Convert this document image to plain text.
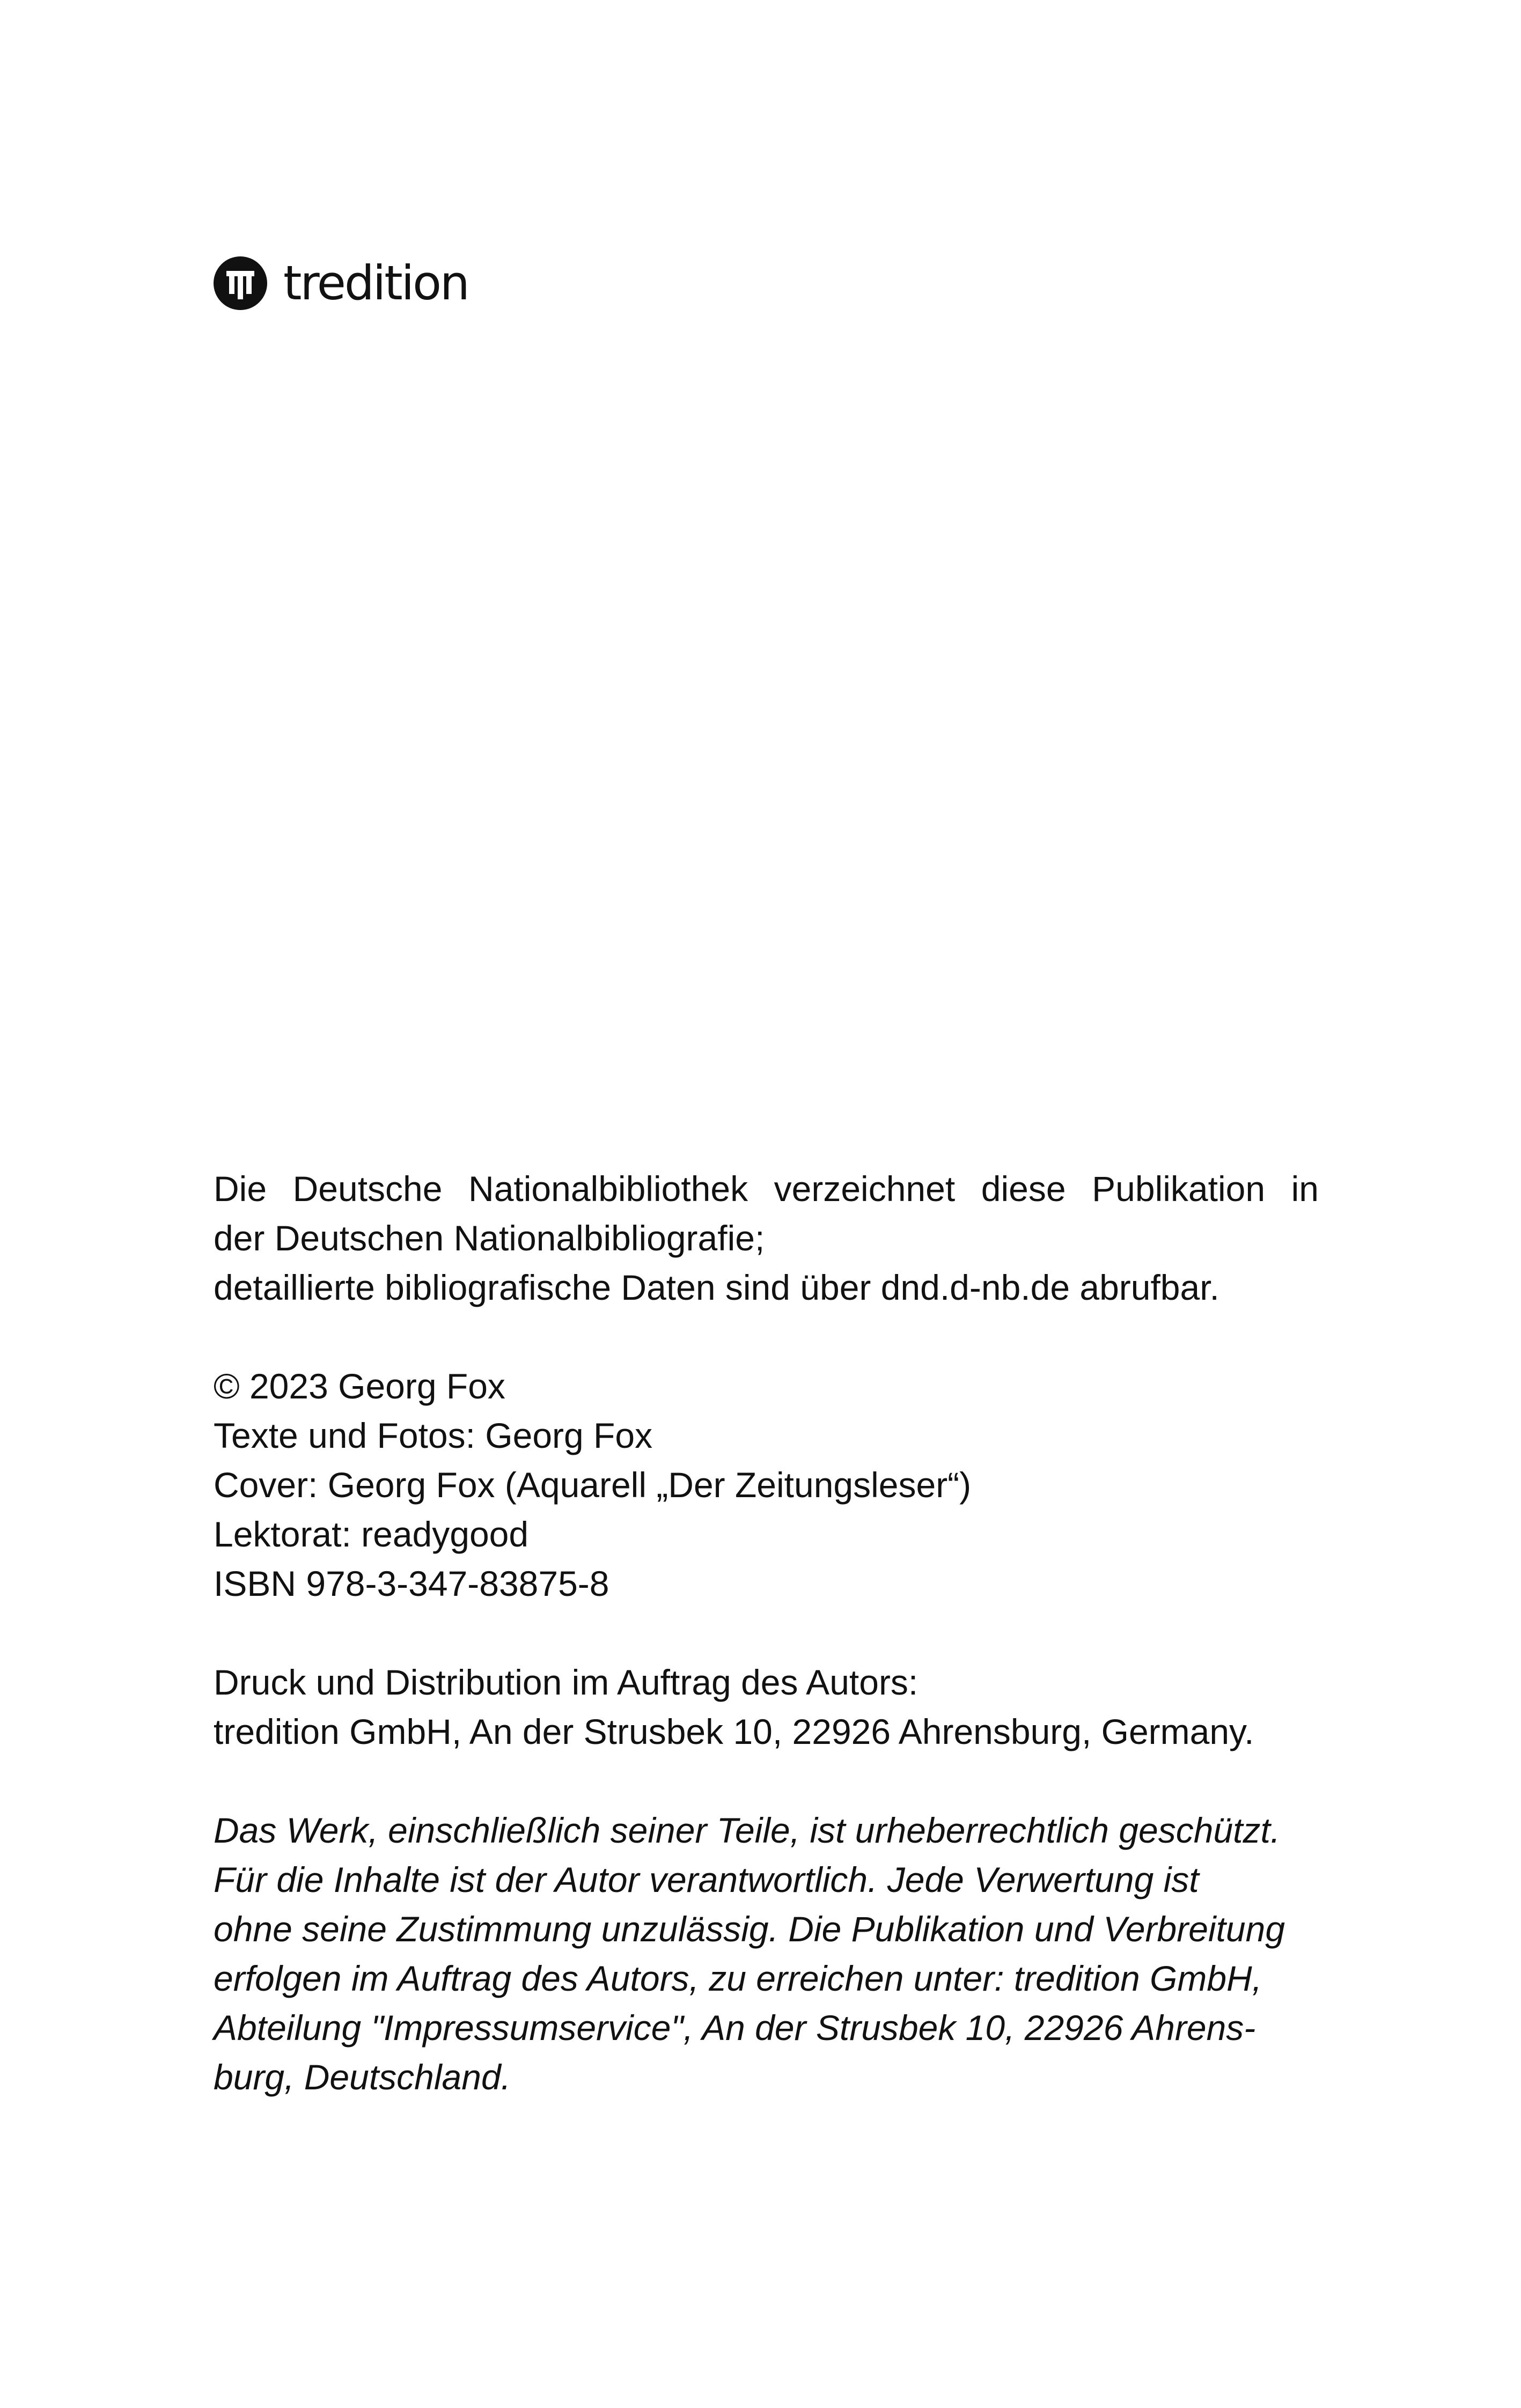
tredition
Die Deutsche Nationalbibliothek verzeichnet diese Publikation in
der Deutschen Nationalbibliografie;
detaillierte bibliografische Daten sind über dnd.d-nb.de abrufbar.
© 2023 Georg Fox
Texte und Fotos: Georg Fox
Cover: Georg Fox (Aquarell „Der Zeitungsleser“)
Lektorat: readygood
ISBN 978-3-347-83875-8
Druck und Distribution im Auftrag des Autors:
tredition GmbH, An der Strusbek 10, 22926 Ahrensburg, Germany.
Das Werk, einschließlich seiner Teile, ist urheberrechtlich geschützt.
Für die Inhalte ist der Autor verantwortlich. Jede Verwertung ist
ohne seine Zustimmung unzulässig. Die Publikation und Verbreitung
erfolgen im Auftrag des Autors, zu erreichen unter: tredition GmbH,
Abteilung "Impressumservice", An der Strusbek 10, 22926 Ahrens-
burg, Deutschland.
